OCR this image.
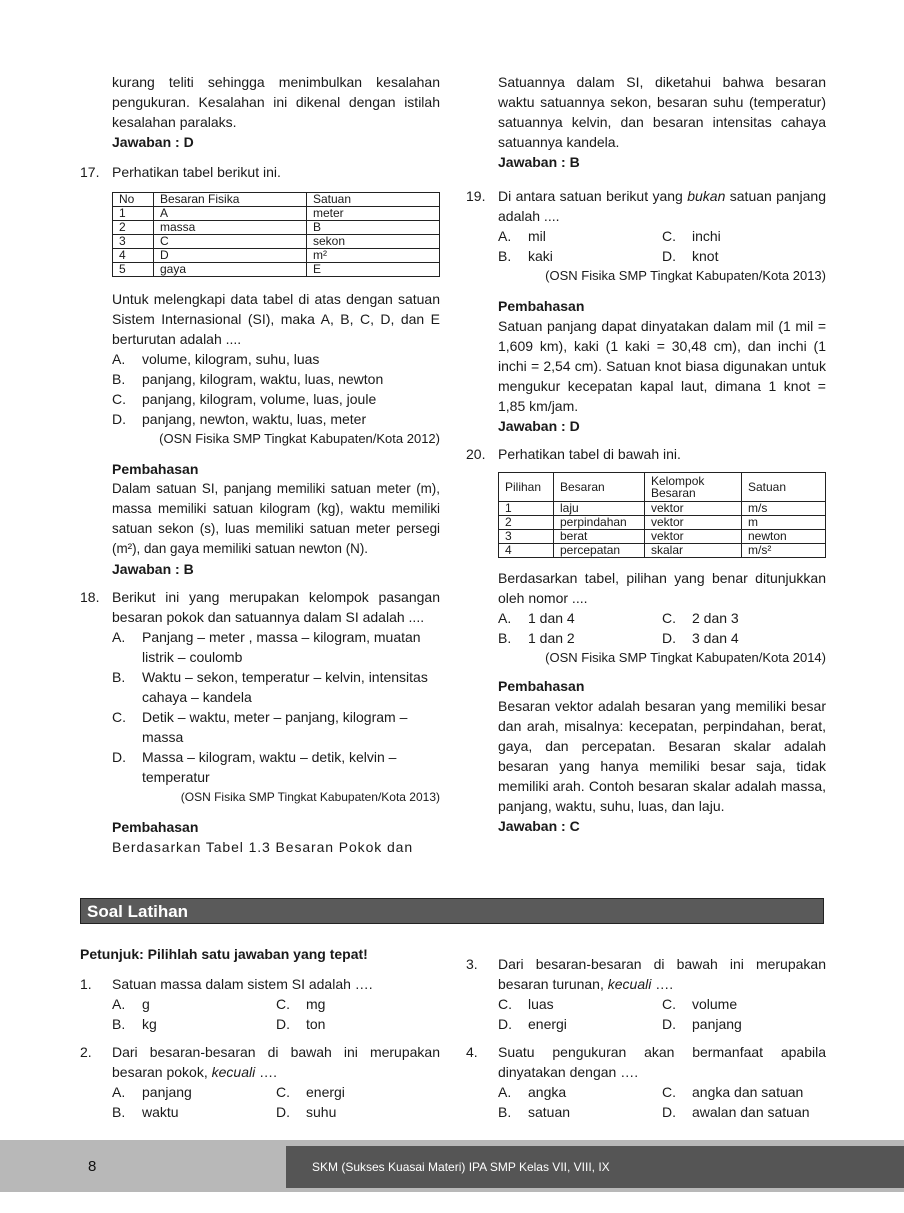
kurang teliti sehingga menimbulkan kesalahan pengukuran. Kesalahan ini dikenal dengan istilah kesalahan paralaks.

Jawaban : D

17. Perhatikan tabel berikut ini.

No	Besaran Fisika	Satuan
1	A	meter
2	massa	B
3	C	sekon
4	D	m²
5	gaya	E

Untuk melengkapi data tabel di atas dengan satuan Sistem Internasional (SI), maka A, B, C, D, dan E berturutan adalah ....

A. volume, kilogram, suhu, luas

B. panjang, kilogram, waktu, luas, newton

C. panjang, kilogram, volume, luas, joule

D. panjang, newton, waktu, luas, meter

(OSN Fisika SMP Tingkat Kabupaten/Kota 2012)

Pembahasan

Dalam satuan SI, panjang memiliki satuan meter (m), massa memiliki satuan kilogram (kg), waktu memiliki satuan sekon (s), luas memiliki satuan meter persegi (m²), dan gaya memiliki satuan newton (N).

Jawaban : B

18. Berikut ini yang merupakan kelompok pasangan besaran pokok dan satuannya dalam SI adalah ....

A. Panjang – meter , massa – kilogram, muatan listrik – coulomb

B. Waktu – sekon, temperatur – kelvin, intensitas cahaya – kandela

C. Detik – waktu, meter – panjang, kilogram – massa

D. Massa – kilogram, waktu – detik, kelvin – temperatur

(OSN Fisika SMP Tingkat Kabupaten/Kota 2013)

Pembahasan

Berdasarkan Tabel 1.3 Besaran Pokok dan

Satuannya dalam SI, diketahui bahwa besaran waktu satuannya sekon, besaran suhu (temperatur) satuannya kelvin, dan besaran intensitas cahaya satuannya kandela.

Jawaban : B

19. Di antara satuan berikut yang bukan satuan panjang adalah ....

A. mil	C. inchi
B. kaki	D. knot

(OSN Fisika SMP Tingkat Kabupaten/Kota 2013)

Pembahasan

Satuan panjang dapat dinyatakan dalam mil (1 mil = 1,609 km), kaki (1 kaki = 30,48 cm), dan inchi (1 inchi = 2,54 cm). Satuan knot biasa digunakan untuk mengukur kecepatan kapal laut, dimana 1 knot = 1,85 km/jam.

Jawaban : D

20. Perhatikan tabel di bawah ini.

Pilihan	Besaran	Kelompok Besaran	Satuan
1	laju	vektor	m/s
2	perpindahan	vektor	m
3	berat	vektor	newton
4	percepatan	skalar	m/s²

Berdasarkan tabel, pilihan yang benar ditunjukkan oleh nomor ....

A. 1 dan 4	C. 2 dan 3
B. 1 dan 2	D. 3 dan 4

(OSN Fisika SMP Tingkat Kabupaten/Kota 2014)

Pembahasan

Besaran vektor adalah besaran yang memiliki besar dan arah, misalnya: kecepatan, perpindahan, berat, gaya, dan percepatan. Besaran skalar adalah besaran yang hanya memiliki besar saja, tidak memiliki arah. Contoh besaran skalar adalah massa, panjang, waktu, suhu, luas, dan laju.

Jawaban : C

Soal Latihan

Petunjuk: Pilihlah satu jawaban yang tepat!

1. Satuan massa dalam sistem SI adalah ….

A. g	C. mg
B. kg	D. ton
2. Dari besaran-besaran di bawah ini merupakan besaran pokok, kecuali ….

A. panjang	C. energi
B. waktu	D. suhu
3. Dari besaran-besaran di bawah ini merupakan besaran turunan, kecuali ….

C. luas	C. volume
D. energi	D. panjang
4. Suatu pengukuran akan bermanfaat apabila dinyatakan dengan ….

A. angka	C. angka dan satuan
B. satuan	D. awalan dan satuan
SKM (Sukses Kuasai Materi) IPA SMP Kelas VII, VIII, IX
8
